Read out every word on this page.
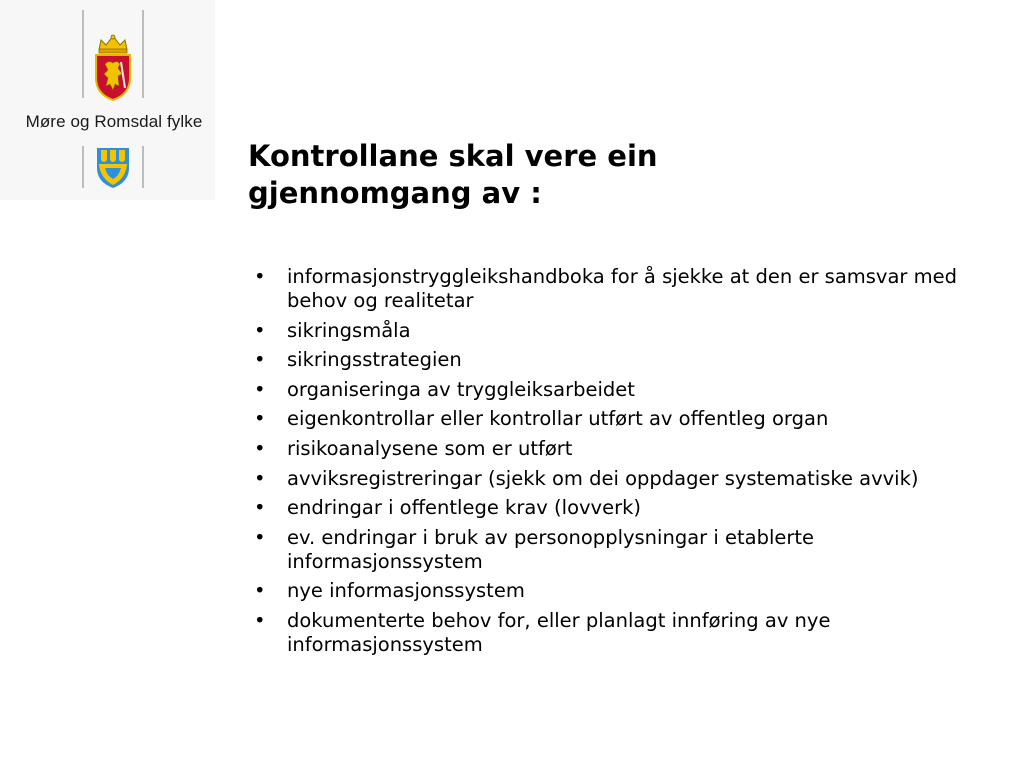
Møre og Romsdal fylke
Kontrollane skal vere ein
gjennomgang av :
• informasjonstryggleikshandboka for å sjekke at den er samsvar med behov og realitetar
• sikringsmåla
• sikringsstrategien
• organiseringa av tryggleiksarbeidet
• eigenkontrollar eller kontrollar utført av offentleg organ
• risikoanalysene som er utført
• avviksregistreringar (sjekk om dei oppdager systematiske avvik)
• endringar i offentlege krav (lovverk)
• ev. endringar i bruk av personopplysningar i etablerte informasjonssystem
• nye informasjonssystem
• dokumenterte behov for, eller planlagt innføring av nye informasjonssystem
